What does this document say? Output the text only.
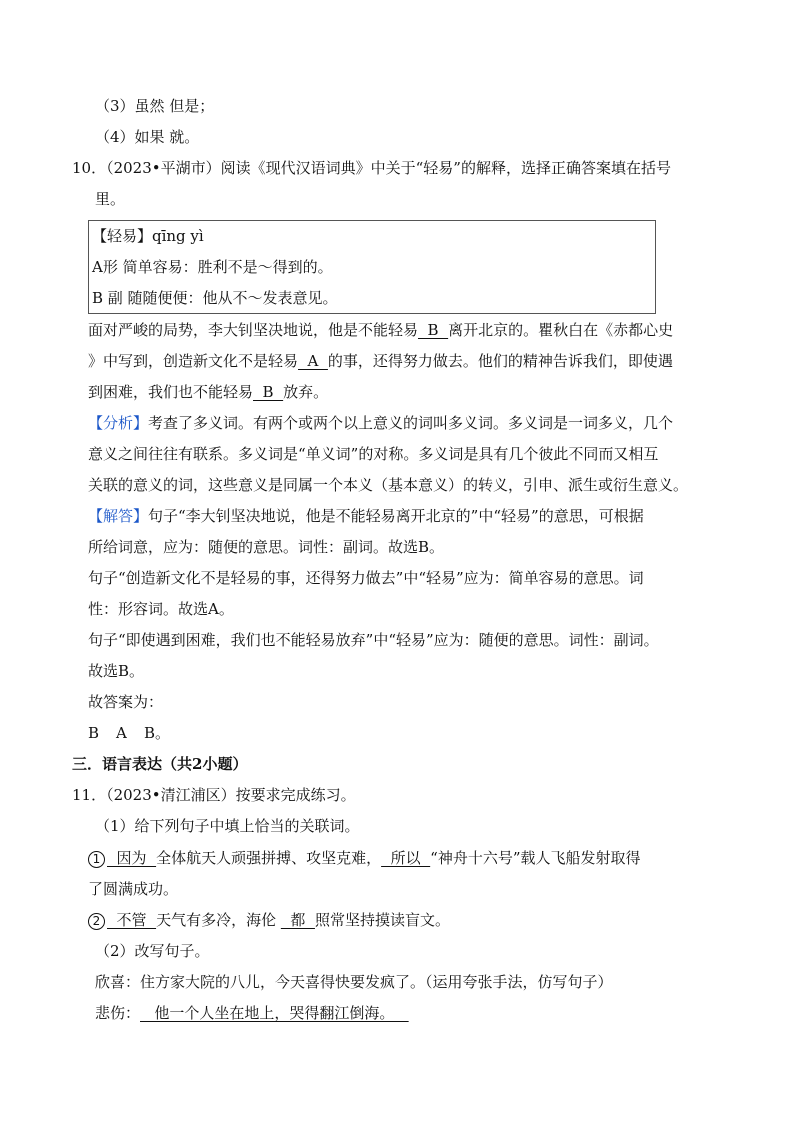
（3）虽然 但是；
（4）如果 就。
10．（2023•平湖市）阅读《现代汉语词典》中关于“轻易”的解释，选择正确答案填在括号
里。
【轻易】qīng yì
A形 简单容易：胜利不是～得到的。
B 副 随随便便：他从不～发表意见。
面对严峻的局势，李大钊坚决地说，他是不能轻易  B  离开北京的。瞿秋白在《赤都心史
》中写到，创造新文化不是轻易  A  的事，还得努力做去。他们的精神告诉我们，即使遇
到困难，我们也不能轻易  B  放弃。
【分析】考查了多义词。有两个或两个以上意义的词叫多义词。多义词是一词多义，几个
意义之间往往有联系。多义词是“单义词”的对称。多义词是具有几个彼此不同而又相互
关联的意义的词，这些意义是同属一个本义（基本意义）的转义，引申、派生或衍生意义。
【解答】句子“李大钊坚决地说，他是不能轻易离开北京的”中“轻易”的意思，可根据
所给词意，应为：随便的意思。词性：副词。故选B。
句子“创造新文化不是轻易的事，还得努力做去”中“轻易”应为：简单容易的意思。词
性：形容词。故选A。
句子“即使遇到困难，我们也不能轻易放弃”中“轻易”应为：随便的意思。词性：副词。
故选B。
故答案为：
B A B。
三．语言表达（共2小题）
11．（2023•清江浦区）按要求完成练习。
（1）给下列句子中填上恰当的关联词。
1  因为  全体航天人顽强拼搏、攻坚克难，  所以  “神舟十六号”载人飞船发射取得
了圆满成功。
2  不管  天气有多冷，海伦   都  照常坚持摸读盲文。
（2）改写句子。
欣喜：住方家大院的八儿，今天喜得快要发疯了。（运用夸张手法，仿写句子）
悲伤：   他一个人坐在地上，哭得翻江倒海。
